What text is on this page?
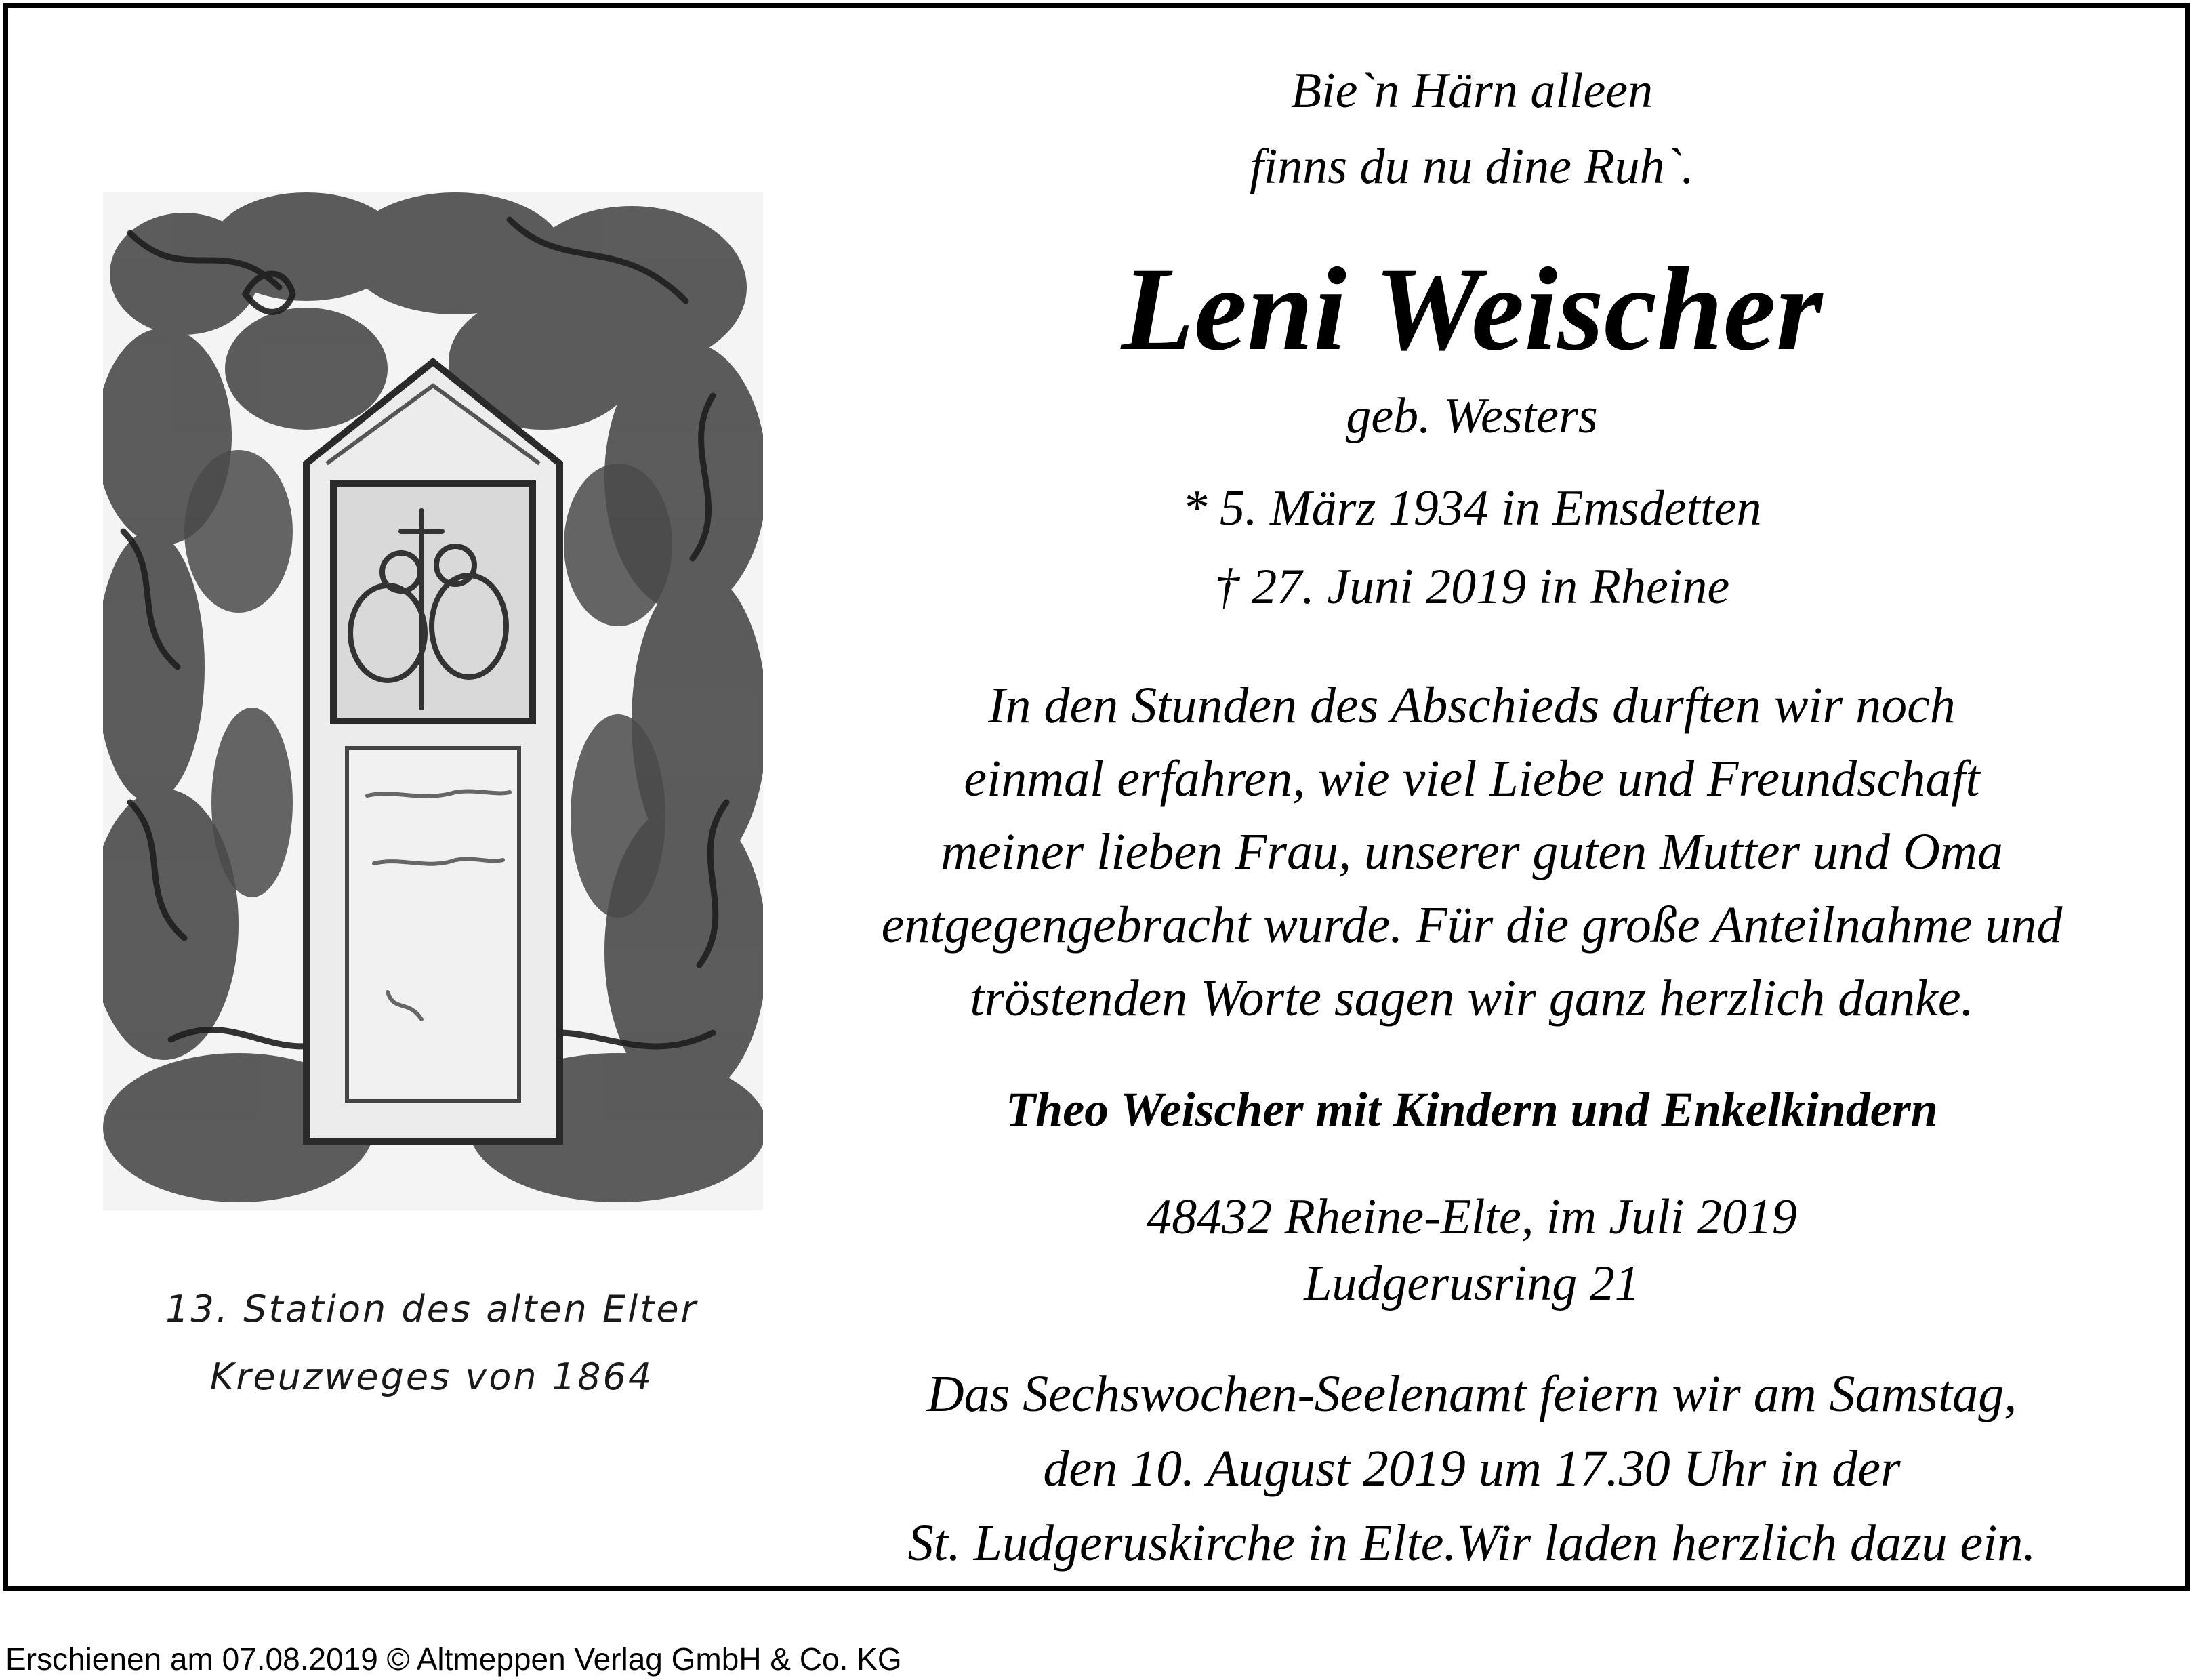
Bie`n Härn alleen
finns du nu dine Ruh`.
Leni Weischer
geb. Westers
* 5. März 1934 in Emsdetten
† 27. Juni 2019 in Rheine
In den Stunden des Abschieds durften wir noch
einmal erfahren, wie viel Liebe und Freundschaft
meiner lieben Frau, unserer guten Mutter und Oma
entgegengebracht wurde. Für die große Anteilnahme und
tröstenden Worte sagen wir ganz herzlich danke.
Theo Weischer mit Kindern und Enkelkindern
48432 Rheine-Elte, im Juli 2019
Ludgerusring 21
Das Sechswochen-Seelenamt feiern wir am Samstag,
den 10. August 2019 um 17.30 Uhr in der
St. Ludgeruskirche in Elte.Wir laden herzlich dazu ein.
13. Station des alten Elter
Kreuzweges von 1864
Erschienen am 07.08.2019 © Altmeppen Verlag GmbH & Co. KG
